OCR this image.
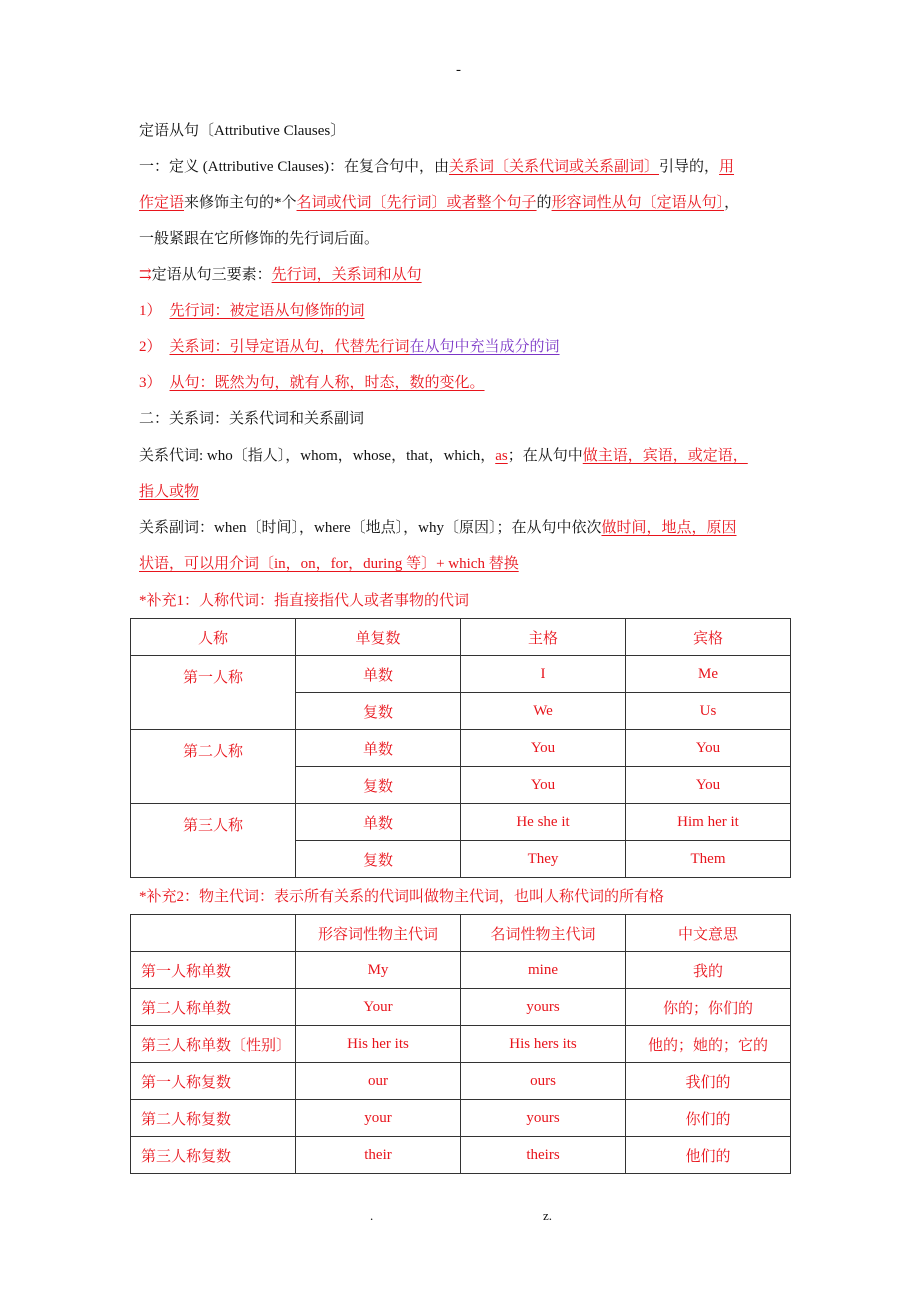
-
定语从句〔Attributive Clauses〕
一：定义 (Attributive Clauses)：在复合句中，由关系词〔关系代词或关系副词〕引导的，用
作定语来修饰主句的*个名词或代词〔先行词〕或者整个句子的形容词性从句〔定语从句〕，
一般紧跟在它所修饰的先行词后面。
⇉定语从句三要素：先行词，关系词和从句
1） 先行词：被定语从句修饰的词
2） 关系词：引导定语从句，代替先行词在从句中充当成分的词
3） 从句：既然为句，就有人称，时态，数的变化。
二：关系词：关系代词和关系副词
关系代词: who〔指人〕，whom，whose，that，which，as；在从句中做主语，宾语，或定语，
指人或物
关系副词：when〔时间〕，where〔地点〕，why〔原因〕；在从句中依次做时间，地点，原因
状语，可以用介词〔in，on，for，during 等〕+ which 替换
*补充1：人称代词：指直接指代人或者事物的代词
人称	单复数	主格	宾格
第一人称	单数	I	Me
	复数	We	Us
第二人称	单数	You	You
	复数	You	You
第三人称	单数	He she it	Him her it
	复数	They	Them
*补充2：物主代词：表示所有关系的代词叫做物主代词，也叫人称代词的所有格
	形容词性物主代词	名词性物主代词	中文意思
第一人称单数	My	mine	我的
第二人称单数	Your	yours	你的；你们的
第三人称单数〔性别〕	His her its	His hers its	他的；她的；它的
第一人称复数	our	ours	我们的
第二人称复数	your	yours	你们的
第三人称复数	their	theirs	他们的
.	z.
